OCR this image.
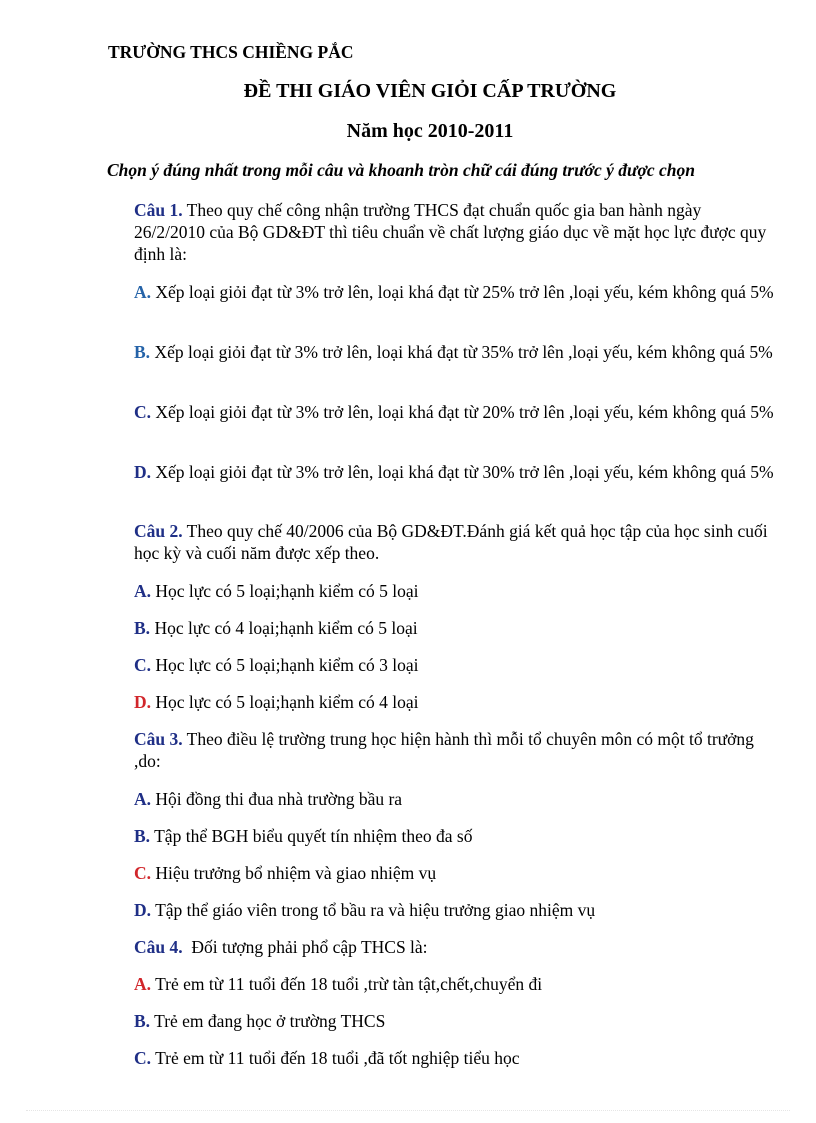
TRƯỜNG THCS CHIỀNG PẮC
ĐỀ THI GIÁO VIÊN GIỎI CẤP TRƯỜNG
Năm học 2010-2011
Chọn ý đúng nhất trong mỗi câu và khoanh tròn chữ cái đúng trước ý được chọn
Câu 1. Theo quy chế công nhận trường THCS đạt chuẩn quốc gia ban hành ngày 26/2/2010 của Bộ GD&ĐT thì tiêu chuẩn về chất lượng giáo dục về mặt học lực được quy định là:
A. Xếp loại giỏi đạt từ 3% trở lên, loại khá đạt từ 25% trở lên ,loại yếu, kém không quá 5%
B. Xếp loại giỏi đạt từ 3% trở lên, loại khá đạt từ 35% trở lên ,loại yếu, kém không quá 5%
C. Xếp loại giỏi đạt từ 3% trở lên, loại khá đạt từ 20% trở lên ,loại yếu, kém không quá 5%
D. Xếp loại giỏi đạt từ 3% trở lên, loại khá đạt từ 30% trở lên ,loại yếu, kém không quá 5%
Câu 2. Theo quy chế 40/2006 của Bộ GD&ĐT.Đánh giá kết quả học tập của học sinh cuối học kỳ và cuối năm được xếp theo.
A. Học lực có 5 loại;hạnh kiểm có 5 loại
B. Học lực có 4 loại;hạnh kiểm có 5 loại
C. Học lực có 5 loại;hạnh kiểm có 3 loại
D. Học lực có 5 loại;hạnh kiểm có 4 loại
Câu 3. Theo điều lệ trường trung học hiện hành thì mỗi tổ chuyên môn có một tổ trưởng ,do:
A. Hội đồng thi đua nhà trường bầu ra
B. Tập thể BGH biểu quyết tín nhiệm theo đa số
C. Hiệu trưởng bổ nhiệm và giao nhiệm vụ
D. Tập thể giáo viên trong tổ bầu ra và hiệu trưởng giao nhiệm vụ
Câu 4.  Đối tượng phải phổ cập THCS là:
A. Trẻ em từ 11 tuổi đến 18 tuổi ,trừ tàn tật,chết,chuyển đi
B. Trẻ em đang học ở trường THCS
C. Trẻ em từ 11 tuổi đến 18 tuổi ,đã tốt nghiệp tiểu học
